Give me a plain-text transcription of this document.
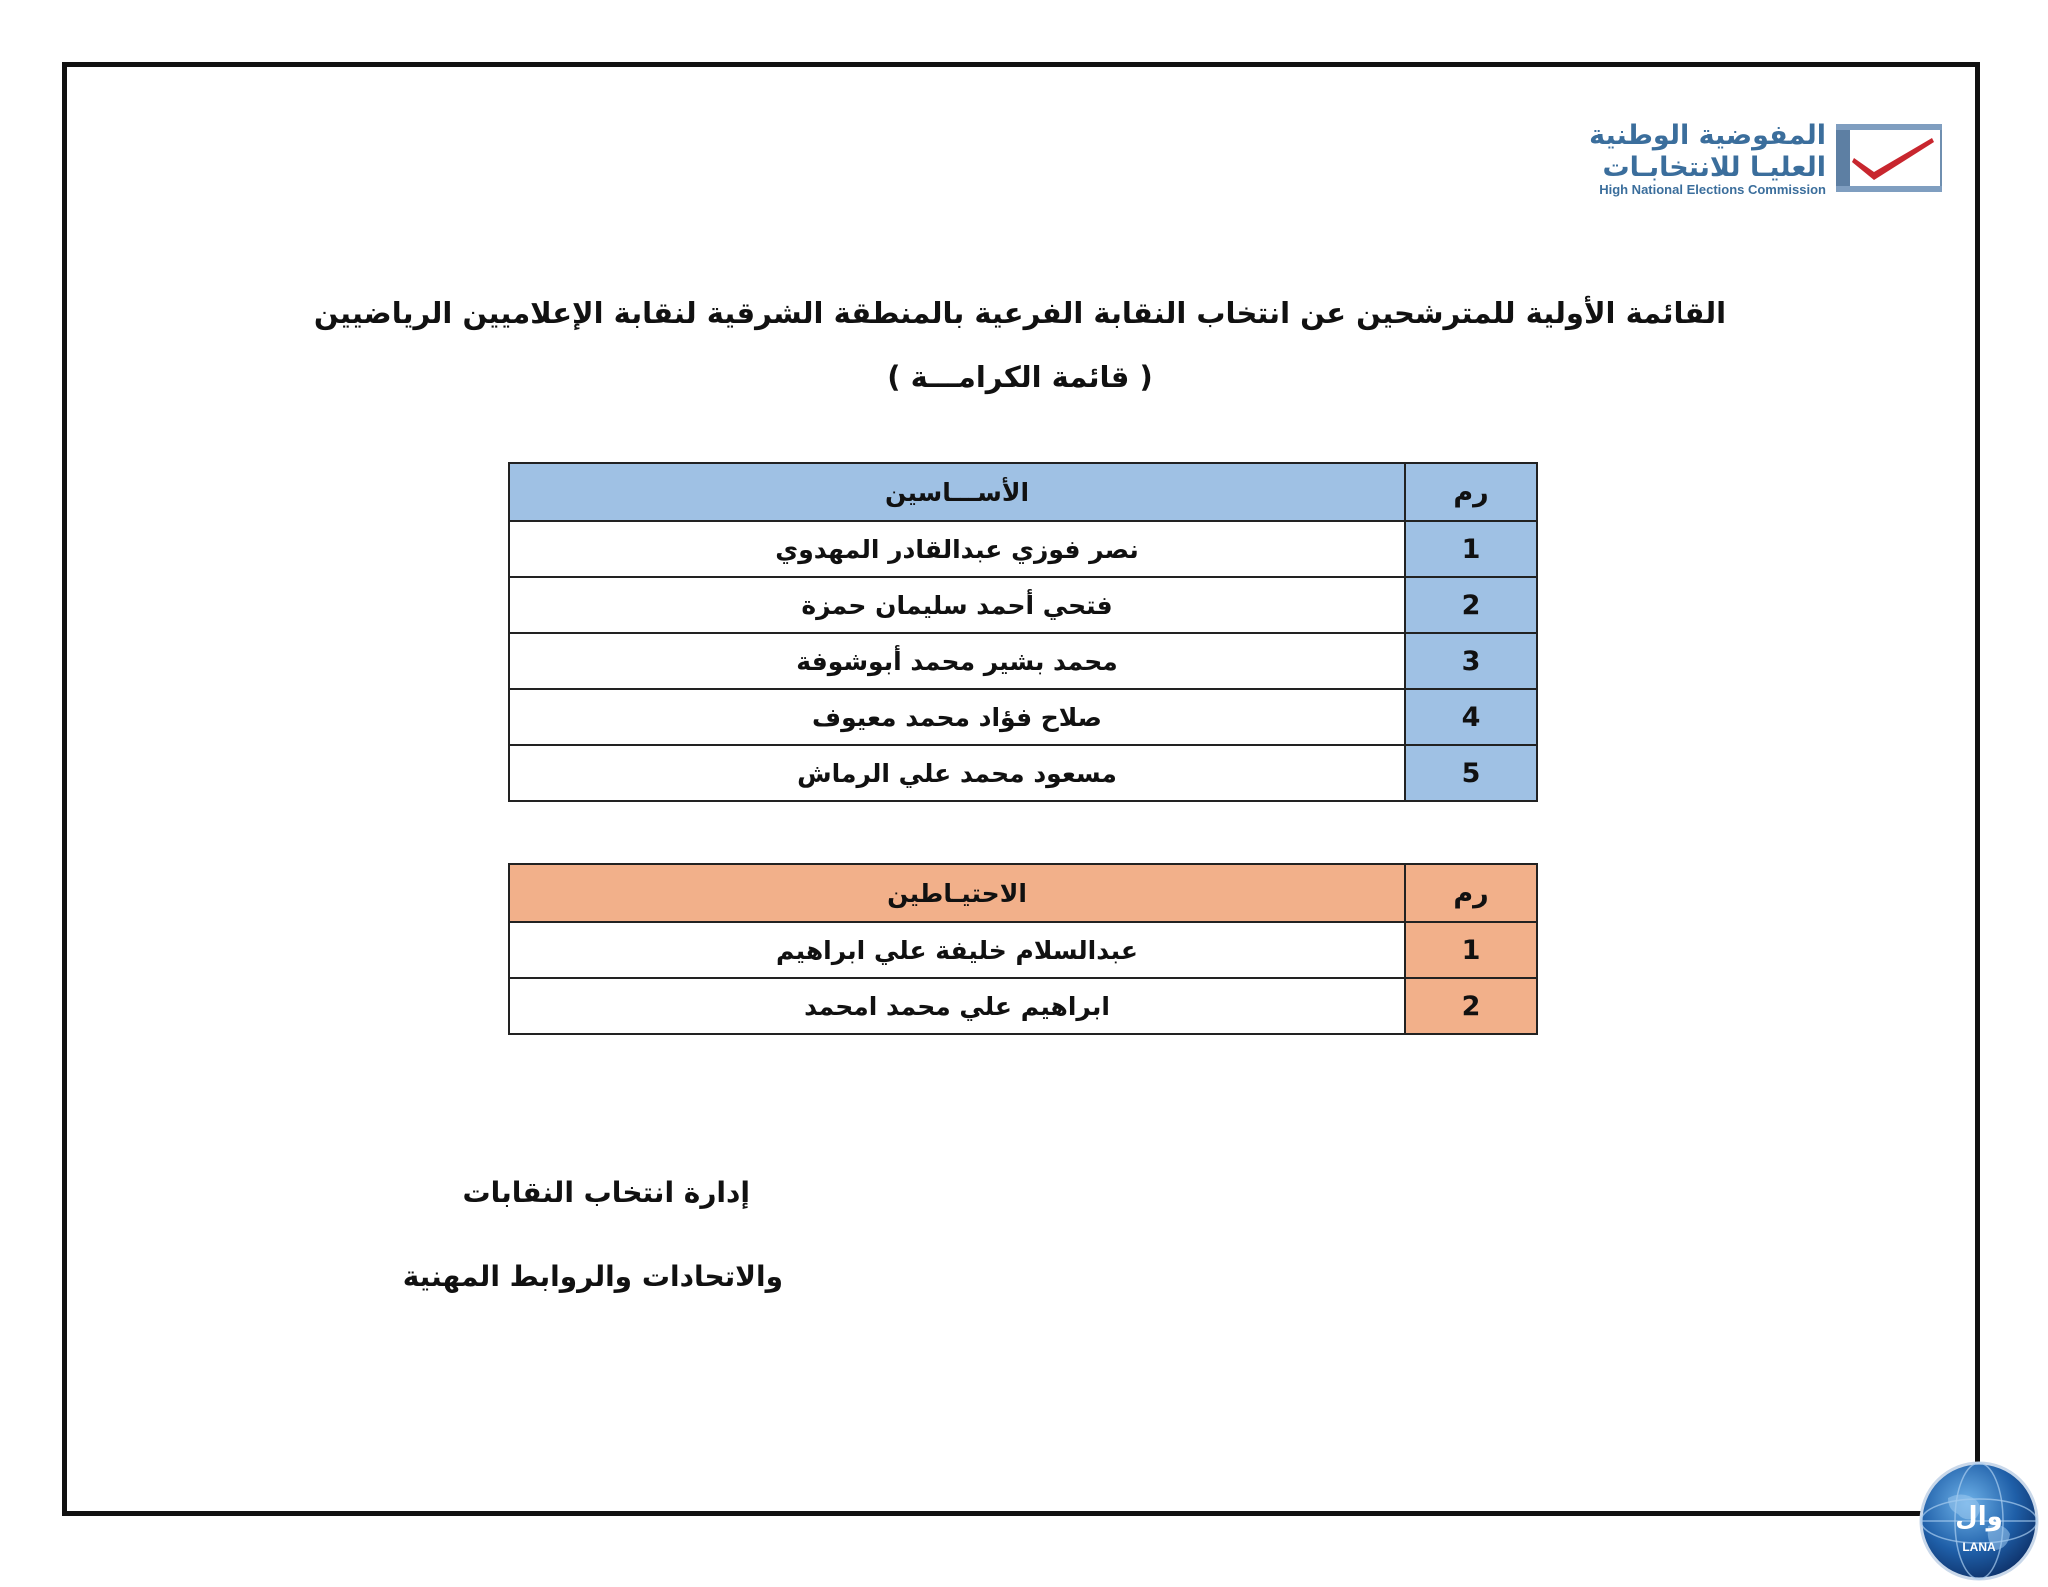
المفوضية الوطنية
العليـا للانتخابـات
High National Elections Commission
القائمة الأولية للمترشحين عن انتخاب النقابة الفرعية بالمنطقة الشرقية لنقابة الإعلاميين الرياضيين
( قائمة الكرامـــة )
رم	الأســـاسين
1	نصر فوزي عبدالقادر المهدوي
2	فتحي أحمد سليمان حمزة
3	محمد بشير محمد أبوشوفة
4	صلاح فؤاد محمد معيوف
5	مسعود محمد علي الرماش
رم	الاحتيـاطين
1	عبدالسلام خليفة علي ابراهيم
2	ابراهيم علي محمد امحمد
إدارة انتخاب النقابات
والاتحادات والروابط المهنية
وال
LANA
